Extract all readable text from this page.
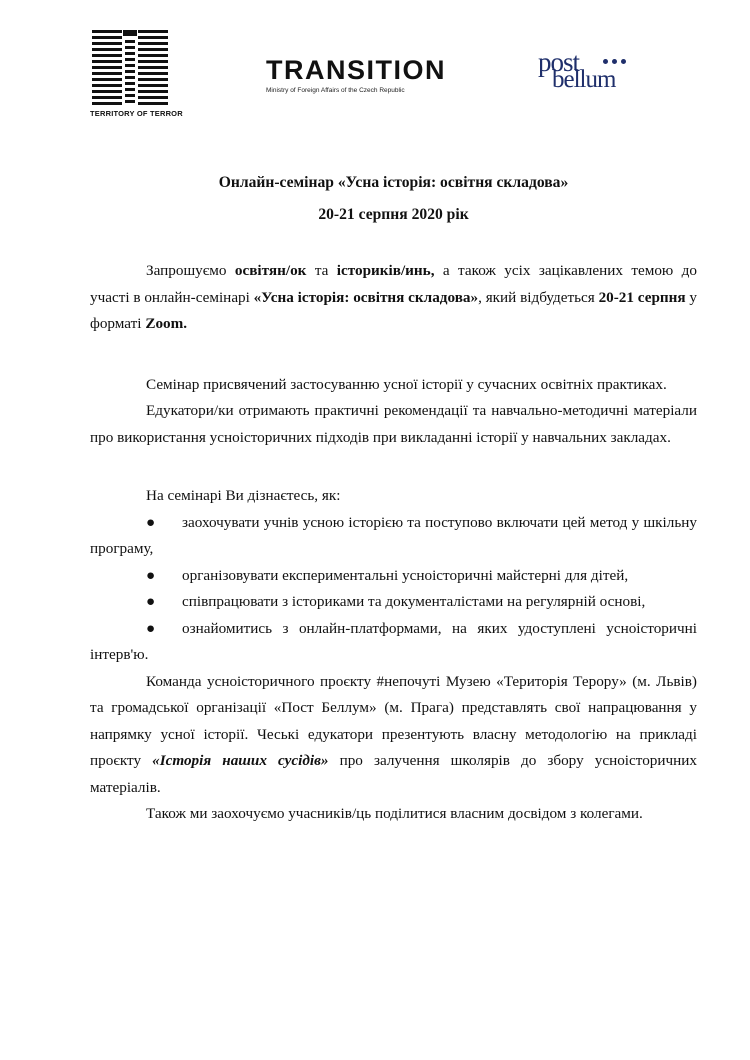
TERRITORY OF TERROR
TRANSITION
Ministry of Foreign Affairs of the Czech Republic
post
bellum

Онлайн-семінар «Усна історія: освітня складова»

20-21 серпня 2020 рік

Запрошуємо освітян/ок та істориків/инь, а також усіх зацікавлених темою до участі в онлайн-семінарі «Усна історія: освітня складова», який відбудеться 20-21 серпня у форматі Zoom.

Семінар присвячений застосуванню усної історії у сучасних освітніх практиках.

Едукатори/ки отримають практичні рекомендації та навчально-методичні матеріали про використання усноісторичних підходів при викладанні історії у навчальних закладах.

На семінарі Ви дізнаєтесь, як:

● заохочувати учнів усною історією та поступово включати цей метод у шкільну програму,

● організовувати експериментальні усноісторичні майстерні для дітей,

● співпрацювати з істориками та документалістами на регулярній основі,

● ознайомитись з онлайн-платформами, на яких удоступлені усноісторичні інтерв'ю.

Команда усноісторичного проєкту #непочуті Музею «Територія Терору» (м. Львів) та громадської організації «Пост Беллум» (м. Прага) представлять свої напрацювання у напрямку усної історії. Чеські едукатори презентують власну методологію на прикладі проєкту «Історія наших сусідів» про залучення школярів до збору усноісторичних матеріалів.

Також ми заохочуємо учасників/ць поділитися власним досвідом з колегами.
